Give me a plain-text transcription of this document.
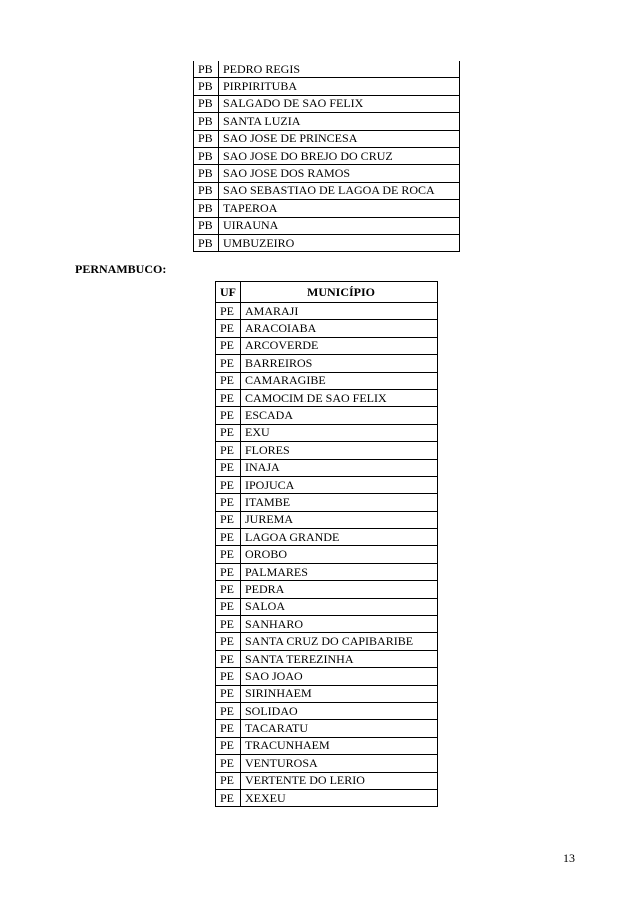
PB	PEDRO REGIS
PB	PIRPIRITUBA
PB	SALGADO DE SAO FELIX
PB	SANTA LUZIA
PB	SAO JOSE DE PRINCESA
PB	SAO JOSE DO BREJO DO CRUZ
PB	SAO JOSE DOS RAMOS
PB	SAO SEBASTIAO DE LAGOA DE ROCA
PB	TAPEROA
PB	UIRAUNA
PB	UMBUZEIRO
PERNAMBUCO:
UF	MUNICÍPIO
PE	AMARAJI
PE	ARACOIABA
PE	ARCOVERDE
PE	BARREIROS
PE	CAMARAGIBE
PE	CAMOCIM DE SAO FELIX
PE	ESCADA
PE	EXU
PE	FLORES
PE	INAJA
PE	IPOJUCA
PE	ITAMBE
PE	JUREMA
PE	LAGOA GRANDE
PE	OROBO
PE	PALMARES
PE	PEDRA
PE	SALOA
PE	SANHARO
PE	SANTA CRUZ DO CAPIBARIBE
PE	SANTA TEREZINHA
PE	SAO JOAO
PE	SIRINHAEM
PE	SOLIDAO
PE	TACARATU
PE	TRACUNHAEM
PE	VENTUROSA
PE	VERTENTE DO LERIO
PE	XEXEU
13
